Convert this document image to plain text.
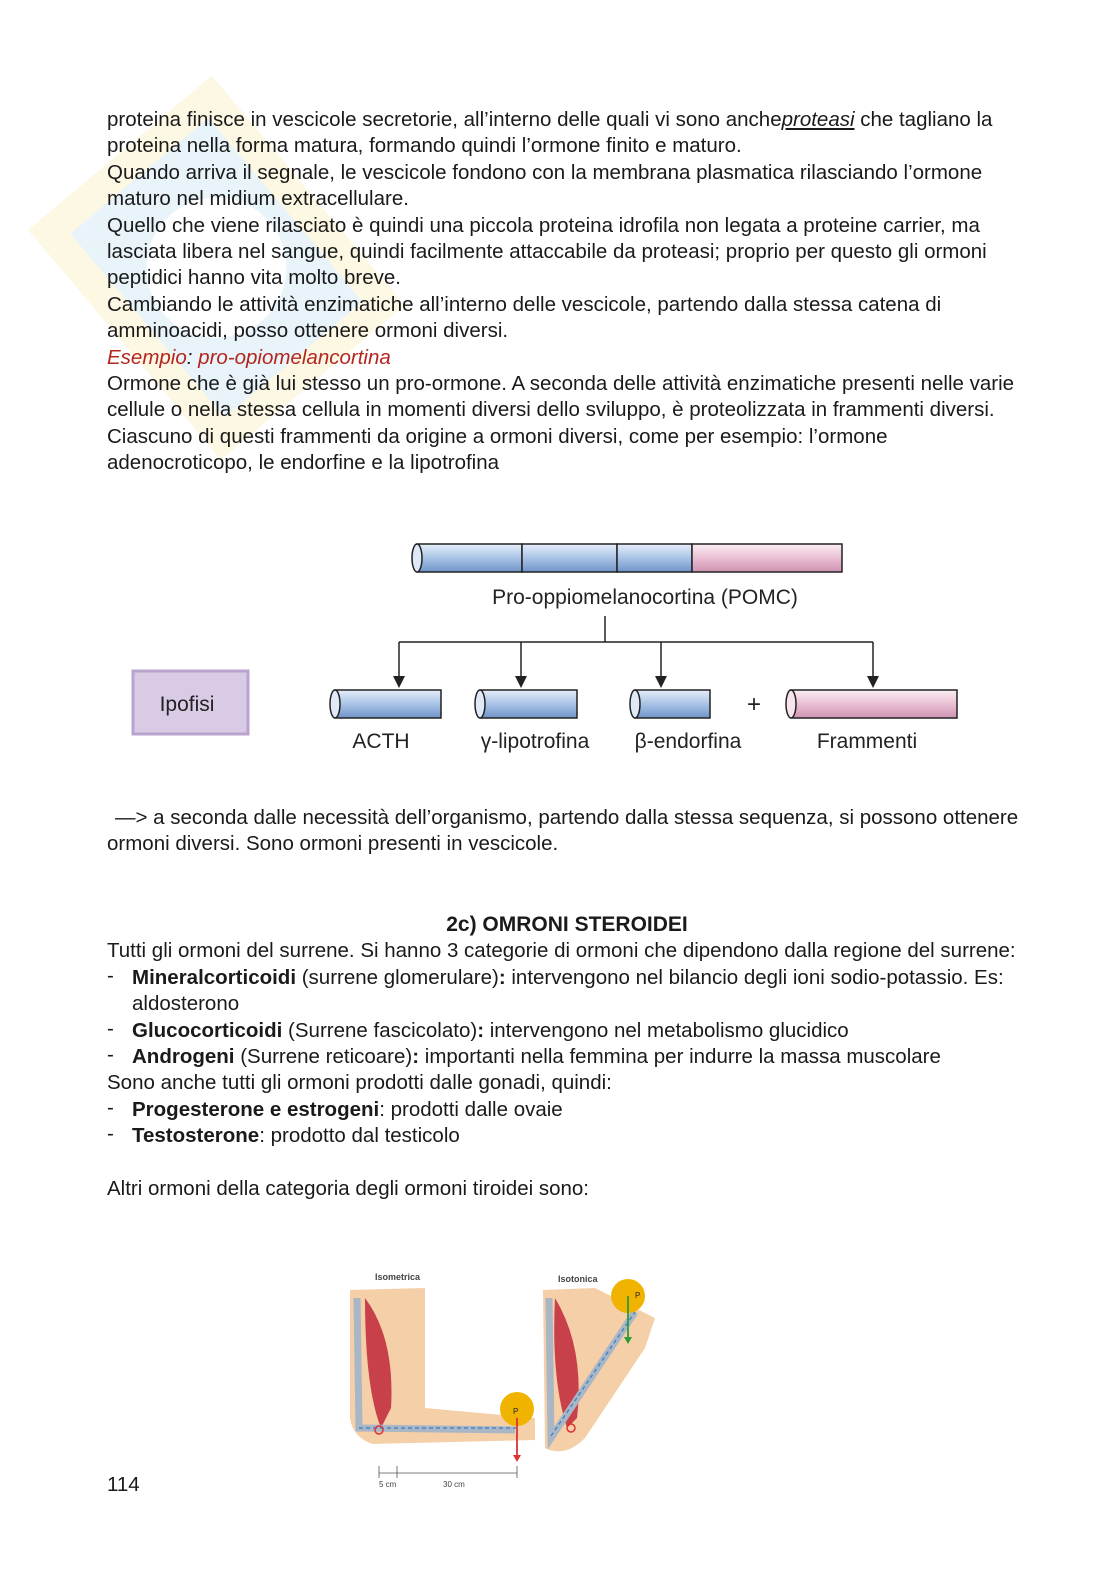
proteina finisce in vescicole secretorie, all’interno delle quali vi sono ancheproteasi che tagliano la proteina nella forma matura, formando quindi l’ormone finito e maturo.

Quando arriva il segnale, le vescicole fondono con la membrana plasmatica rilasciando l’ormone maturo nel midium extracellulare.

Quello che viene rilasciato è quindi una piccola proteina idrofila non legata a proteine carrier, ma lasciata libera nel sangue, quindi facilmente attaccabile da proteasi; proprio per questo gli ormoni peptidici hanno vita molto breve.

Cambiando le attività enzimatiche all’interno delle vescicole, partendo dalla stessa catena di amminoacidi, posso ottenere ormoni diversi.

Esempio: pro-opiomelancortina

Ormone che è già lui stesso un pro-ormone. A seconda delle attività enzimatiche presenti nelle varie cellule o nella stessa cellula in momenti diversi dello sviluppo, è proteolizzata in frammenti diversi. Ciascuno di questi frammenti da origine a ormoni diversi, come per esempio: l’ormone adenocroticopo, le endorfine e la lipotrofina

Pro-oppiomelanocortina (POMC)
Ipofisi	+
ACTH	γ-lipotrofina β-endorfina	Frammenti

—> a seconda dalle necessità dell’organismo, partendo dalla stessa sequenza, si possono ottenere ormoni diversi. Sono ormoni presenti in vescicole.

2c) OMRONI STEROIDEI

Tutti gli ormoni del surrene. Si hanno 3 categorie di ormoni che dipendono dalla regione del surrene:

- Mineralcorticoidi (surrene glomerulare): intervengono nel bilancio degli ioni sodio-potassio. Es: aldosterono

- Glucocorticoidi (Surrene fascicolato): intervengono nel metabolismo glucidico

- Androgeni (Surrene reticoare): importanti nella femmina per indurre la massa muscolare

Sono anche tutti gli ormoni prodotti dalle gonadi, quindi:

- Progesterone e estrogeni: prodotti dalle ovaie

- Testosterone: prodotto dal testicolo

Altri ormoni della categoria degli ormoni tiroidei sono:

Isometrica	Isotonica
P
5 cm	30 cm
P
114
